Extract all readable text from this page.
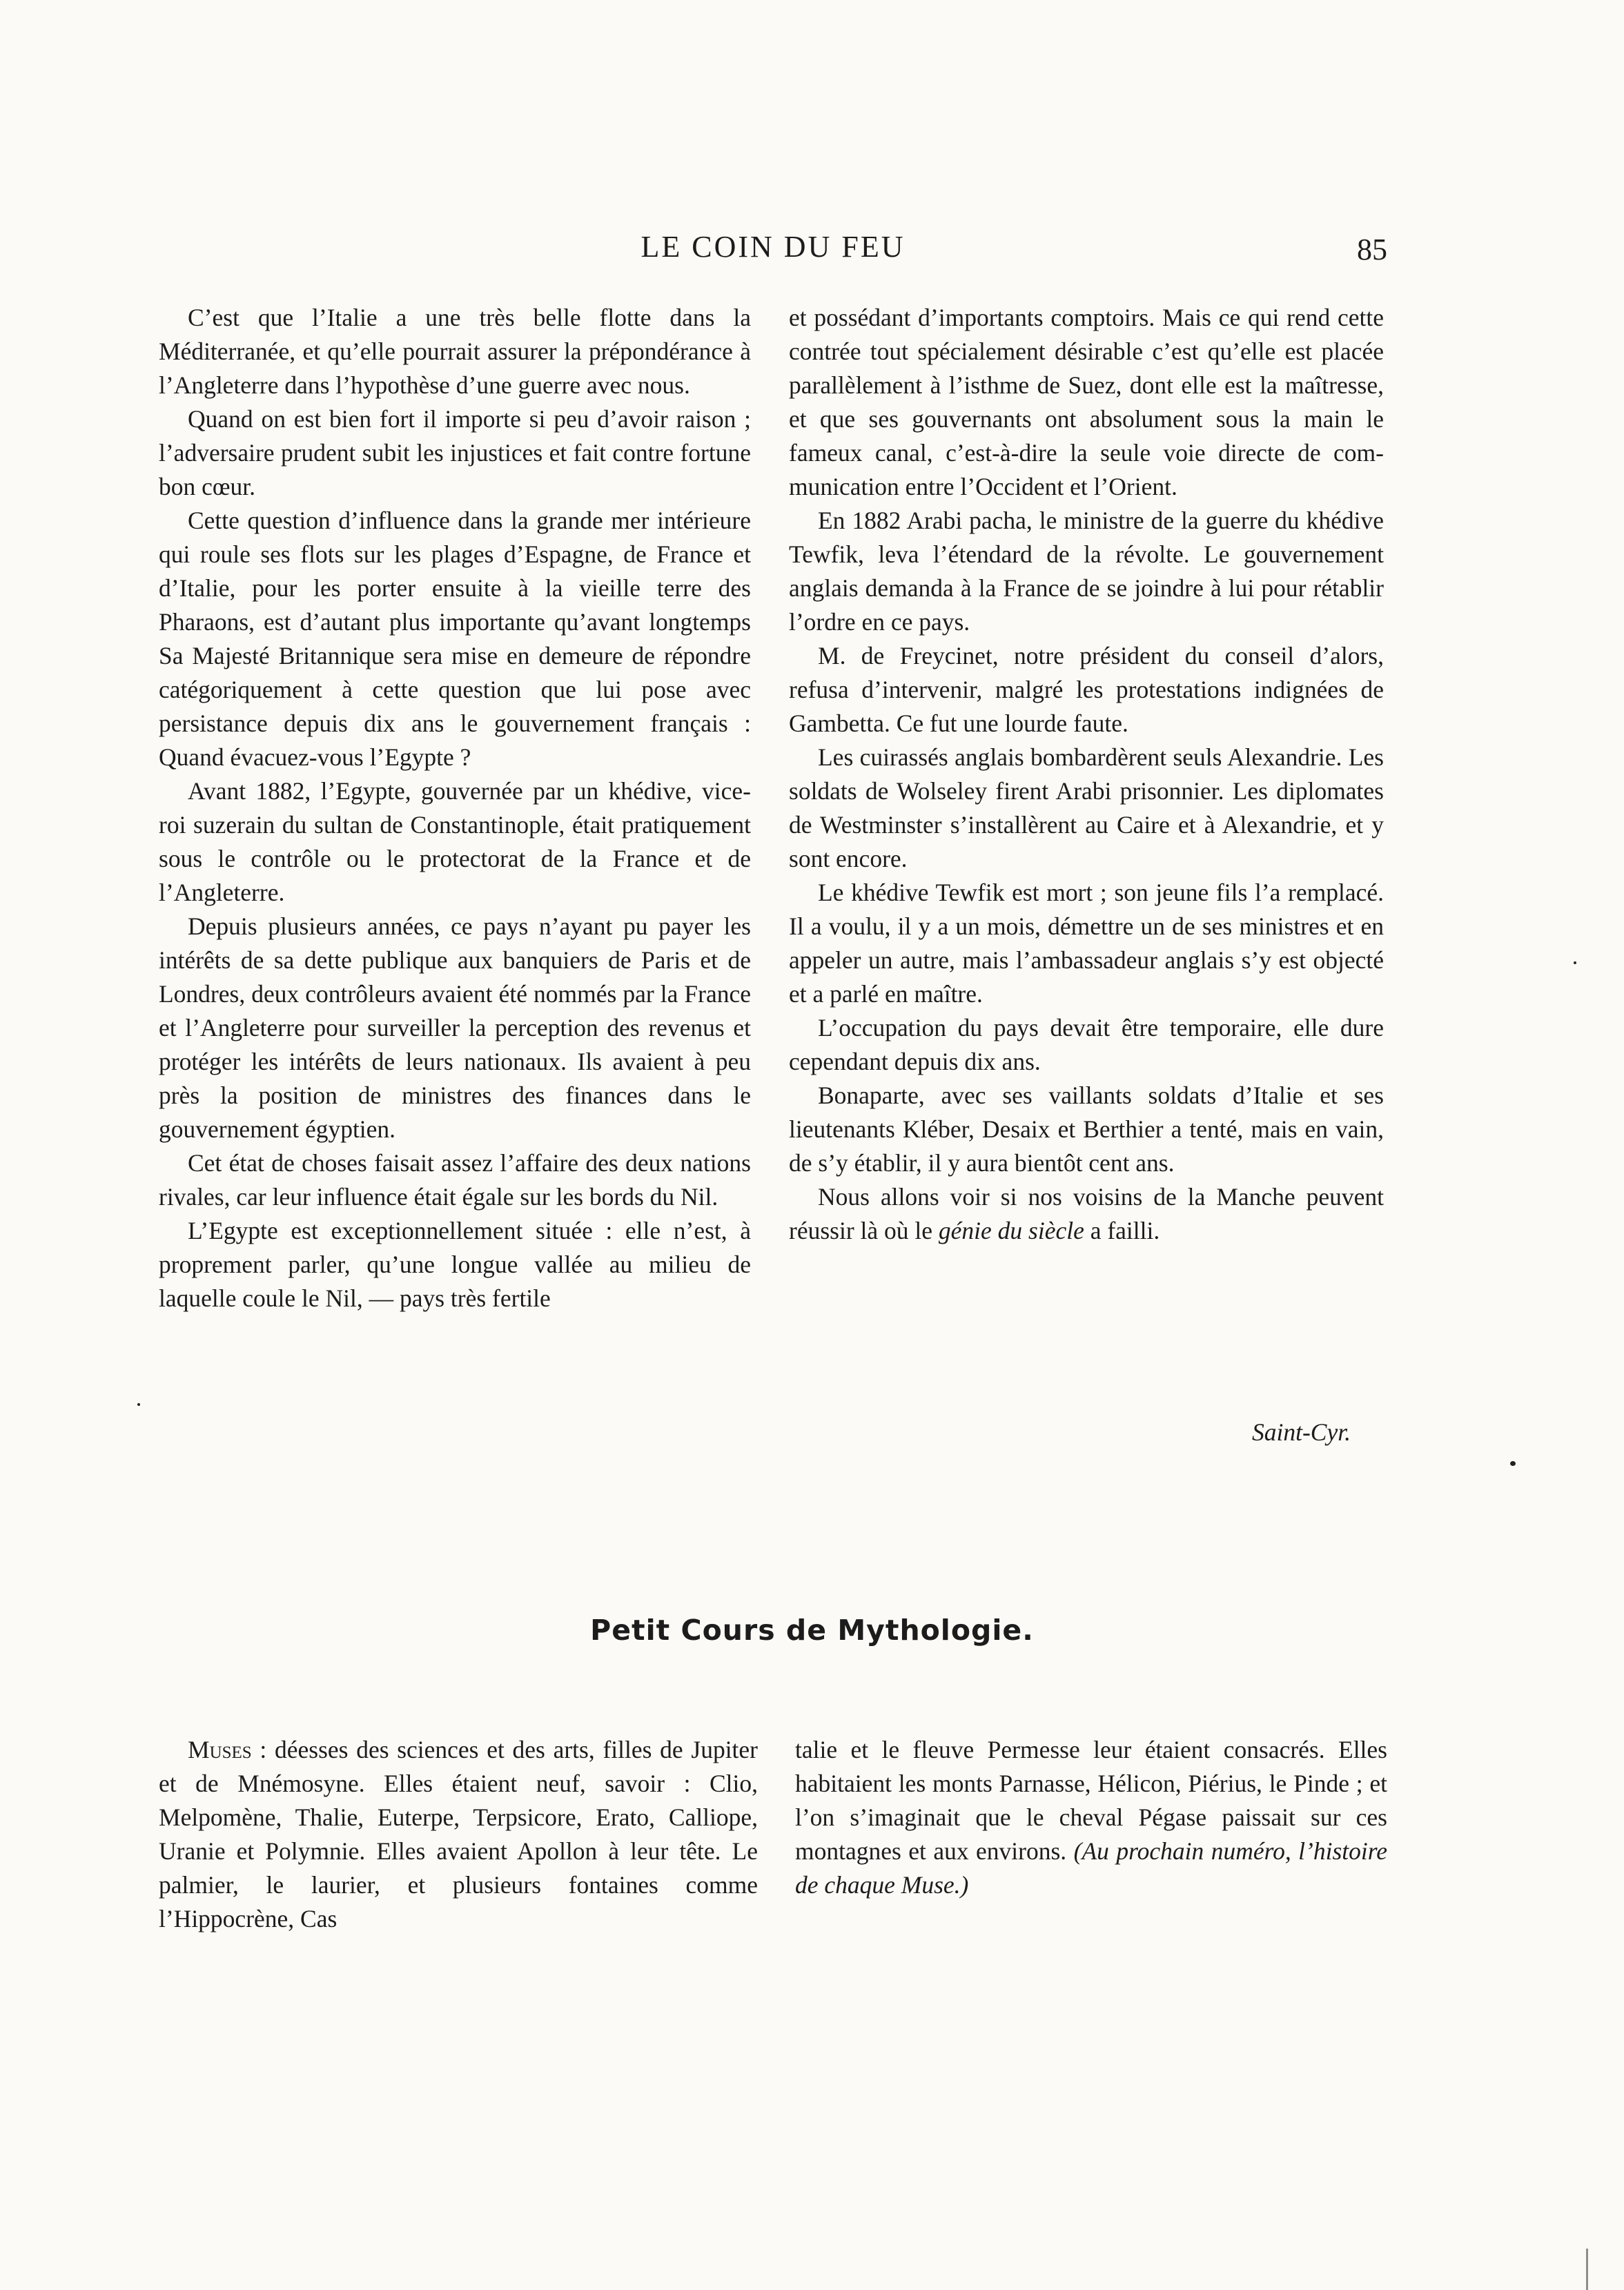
LE COIN DU FEU	85

C’est que l’Italie a une très belle flotte dans la Méditerranée, et qu’elle pourrait assurer la prépondérance à l’Angleterre dans l’hypothèse d’une guerre avec nous.

Quand on est bien fort il importe si peu d’avoir raison ; l’adversaire prudent subit les injustices et fait contre fortune bon cœur.

Cette question d’influence dans la grande mer intérieure qui roule ses flots sur les plages d’Espagne, de France et d’Italie, pour les porter ensuite à la vieille terre des Pharaons, est d’autant plus importante qu’avant longtemps Sa Majesté Britannique sera mise en demeure de répondre catégoriquement à cette question que lui pose avec persistance depuis dix ans le gouvernement français : Quand évacuez-vous l’Egypte ?

Avant 1882, l’Egypte, gouvernée par un khédive, vice-roi suzerain du sultan de Constantinople, était pratiquement sous le contrôle ou le protectorat de la France et de l’Angleterre.

Depuis plusieurs années, ce pays n’ayant pu payer les intérêts de sa dette publique aux banquiers de Paris et de Londres, deux contrôleurs avaient été nommés par la France et l’Angleterre pour surveiller la perception des revenus et protéger les intérêts de leurs nationaux. Ils avaient à peu près la position de ministres des finances dans le gouvernement égyptien.

Cet état de choses faisait assez l’affaire des deux nations rivales, car leur influence était égale sur les bords du Nil.

L’Egypte est exceptionnellement située : elle n’est, à proprement parler, qu’une longue vallée au milieu de laquelle coule le Nil, — pays très fertile

et possédant d’importants comptoirs. Mais ce qui rend cette contrée tout spécialement désirable c’est qu’elle est placée parallèlement à l’isthme de Suez, dont elle est la maîtresse, et que ses gouvernants ont absolument sous la main le fameux canal, c’est-à-dire la seule voie directe de communication entre l’Occident et l’Orient.

En 1882 Arabi pacha, le ministre de la guerre du khédive Tewfik, leva l’étendard de la révolte. Le gouvernement anglais demanda à la France de se joindre à lui pour rétablir l’ordre en ce pays.

M. de Freycinet, notre président du conseil d’alors, refusa d’intervenir, malgré les protestations indignées de Gambetta. Ce fut une lourde faute.

Les cuirassés anglais bombardèrent seuls Alexandrie. Les soldats de Wolseley firent Arabi prisonnier. Les diplomates de Westminster s’installèrent au Caire et à Alexandrie, et y sont encore.

Le khédive Tewfik est mort ; son jeune fils l’a remplacé. Il a voulu, il y a un mois, démettre un de ses ministres et en appeler un autre, mais l’ambassadeur anglais s’y est objecté et a parlé en maître.

L’occupation du pays devait être temporaire, elle dure cependant depuis dix ans.

Bonaparte, avec ses vaillants soldats d’Italie et ses lieutenants Kléber, Desaix et Berthier a tenté, mais en vain, de s’y établir, il y aura bientôt cent ans.

Nous allons voir si nos voisins de la Manche peuvent réussir là où le génie du siècle a failli.

Saint-Cyr.
Petit Cours de Mythologie.

Muses : déesses des sciences et des arts, filles de Jupiter et de Mnémosyne. Elles étaient neuf, savoir : Clio, Melpomène, Thalie, Euterpe, Terpsicore, Erato, Calliope, Uranie et Polymnie. Elles avaient Apollon à leur tête. Le palmier, le laurier, et plusieurs fontaines comme l’Hippocrène, Cas

talie et le fleuve Permesse leur étaient consacrés. Elles habitaient les monts Parnasse, Hélicon, Piérius, le Pinde ; et l’on s’imaginait que le cheval Pégase paissait sur ces montagnes et aux environs. (Au prochain numéro, l’histoire de chaque Muse.)
